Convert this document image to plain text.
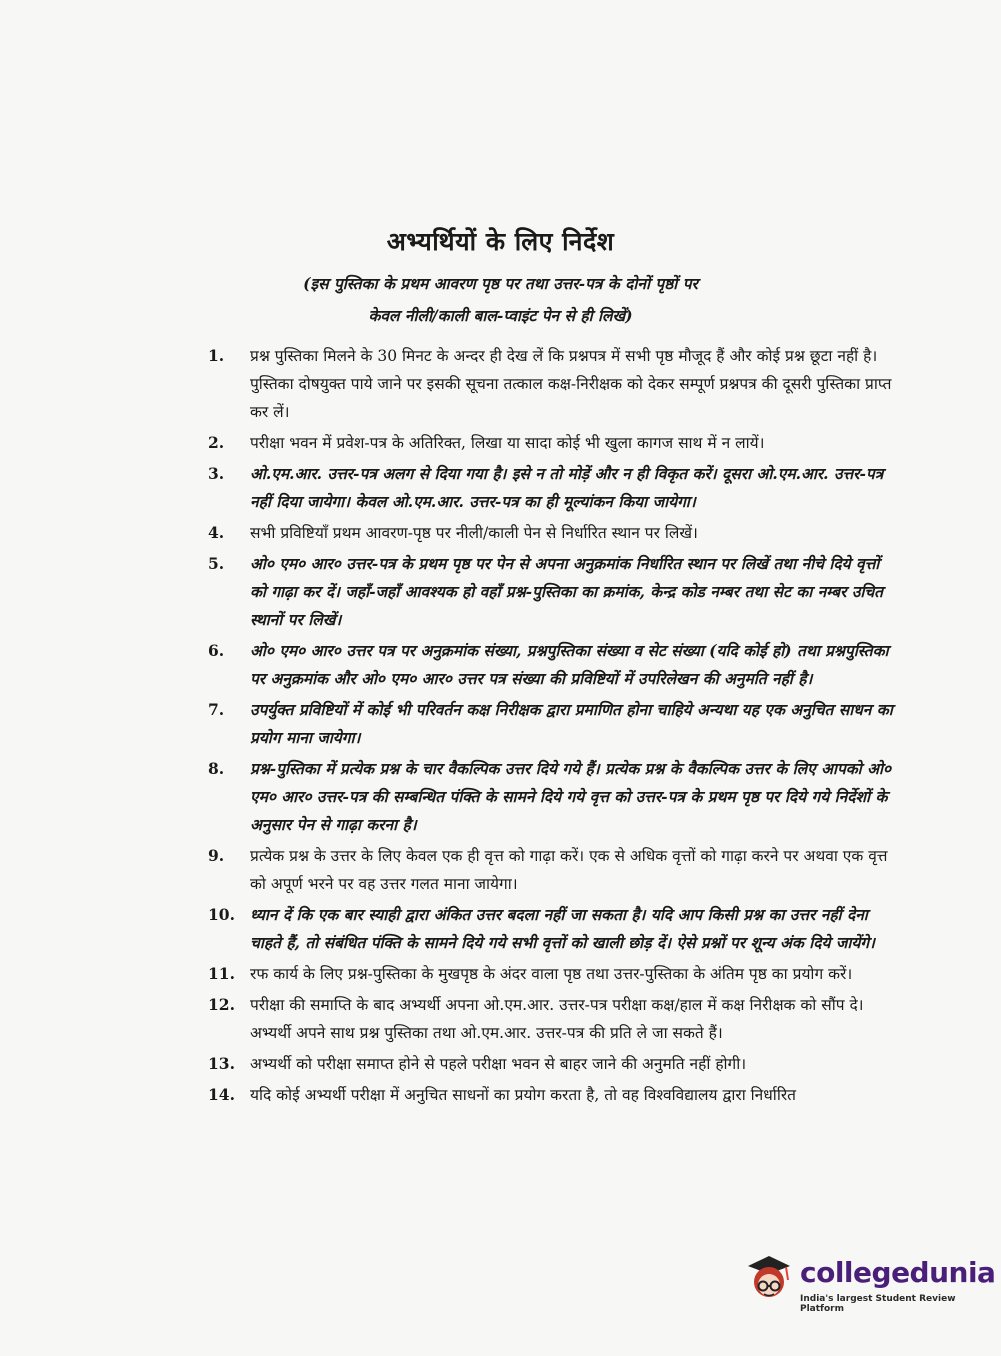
अभ्यर्थियों के लिए निर्देश
(इस पुस्तिका के प्रथम आवरण पृष्ठ पर तथा उत्तर-पत्र के दोनों पृष्ठों पर
केवल नीली/काली बाल-प्वाइंट पेन से ही लिखें)
1.	प्रश्न पुस्तिका मिलने के 30 मिनट के अन्दर ही देख लें कि प्रश्नपत्र में सभी पृष्ठ मौजूद हैं और कोई प्रश्न छूटा नहीं है। पुस्तिका दोषयुक्त पाये जाने पर इसकी सूचना तत्काल कक्ष-निरीक्षक को देकर सम्पूर्ण प्रश्नपत्र की दूसरी पुस्तिका प्राप्त कर लें।
2.	परीक्षा भवन में प्रवेश-पत्र के अतिरिक्त, लिखा या सादा कोई भी खुला कागज साथ में न लायें।
3.	ओ.एम.आर. उत्तर-पत्र अलग से दिया गया है। इसे न तो मोड़ें और न ही विकृत करें। दूसरा ओ.एम.आर. उत्तर-पत्र नहीं दिया जायेगा। केवल ओ.एम.आर. उत्तर-पत्र का ही मूल्यांकन किया जायेगा।
4.	सभी प्रविष्टियाँ प्रथम आवरण-पृष्ठ पर नीली/काली पेन से निर्धारित स्थान पर लिखें।
5.	ओ० एम० आर० उत्तर-पत्र के प्रथम पृष्ठ पर पेन से अपना अनुक्रमांक निर्धारित स्थान पर लिखें तथा नीचे दिये वृत्तों को गाढ़ा कर दें। जहाँ-जहाँ आवश्यक हो वहाँ प्रश्न-पुस्तिका का क्रमांक, केन्द्र कोड नम्बर तथा सेट का नम्बर उचित स्थानों पर लिखें।
6.	ओ० एम० आर० उत्तर पत्र पर अनुक्रमांक संख्या, प्रश्नपुस्तिका संख्या व सेट संख्या (यदि कोई हो) तथा प्रश्नपुस्तिका पर अनुक्रमांक और ओ० एम० आर० उत्तर पत्र संख्या की प्रविष्टियों में उपरिलेखन की अनुमति नहीं है।
7.	उपर्युक्त प्रविष्टियों में कोई भी परिवर्तन कक्ष निरीक्षक द्वारा प्रमाणित होना चाहिये अन्यथा यह एक अनुचित साधन का प्रयोग माना जायेगा।
8.	प्रश्न-पुस्तिका में प्रत्येक प्रश्न के चार वैकल्पिक उत्तर दिये गये हैं। प्रत्येक प्रश्न के वैकल्पिक उत्तर के लिए आपको ओ० एम० आर० उत्तर-पत्र की सम्बन्धित पंक्ति के सामने दिये गये वृत्त को उत्तर-पत्र के प्रथम पृष्ठ पर दिये गये निर्देशों के अनुसार पेन से गाढ़ा करना है।
9.	प्रत्येक प्रश्न के उत्तर के लिए केवल एक ही वृत्त को गाढ़ा करें। एक से अधिक वृत्तों को गाढ़ा करने पर अथवा एक वृत्त को अपूर्ण भरने पर वह उत्तर गलत माना जायेगा।
10. ध्यान दें कि एक बार स्याही द्वारा अंकित उत्तर बदला नहीं जा सकता है। यदि आप किसी प्रश्न का उत्तर नहीं देना चाहते हैं, तो संबंधित पंक्ति के सामने दिये गये सभी वृत्तों को खाली छोड़ दें। ऐसे प्रश्नों पर शून्य अंक दिये जायेंगे।
11. रफ कार्य के लिए प्रश्न-पुस्तिका के मुखपृष्ठ के अंदर वाला पृष्ठ तथा उत्तर-पुस्तिका के अंतिम पृष्ठ का प्रयोग करें।
12. परीक्षा की समाप्ति के बाद अभ्यर्थी अपना ओ.एम.आर. उत्तर-पत्र परीक्षा कक्ष/हाल में कक्ष निरीक्षक को सौंप दे। अभ्यर्थी अपने साथ प्रश्न पुस्तिका तथा ओ.एम.आर. उत्तर-पत्र की प्रति ले जा सकते हैं।
13. अभ्यर्थी को परीक्षा समाप्त होने से पहले परीक्षा भवन से बाहर जाने की अनुमति नहीं होगी।
14. यदि कोई अभ्यर्थी परीक्षा में अनुचित साधनों का प्रयोग करता है, तो वह विश्वविद्यालय द्वारा निर्धारित
collegedunia
India's largest Student Review Platform
